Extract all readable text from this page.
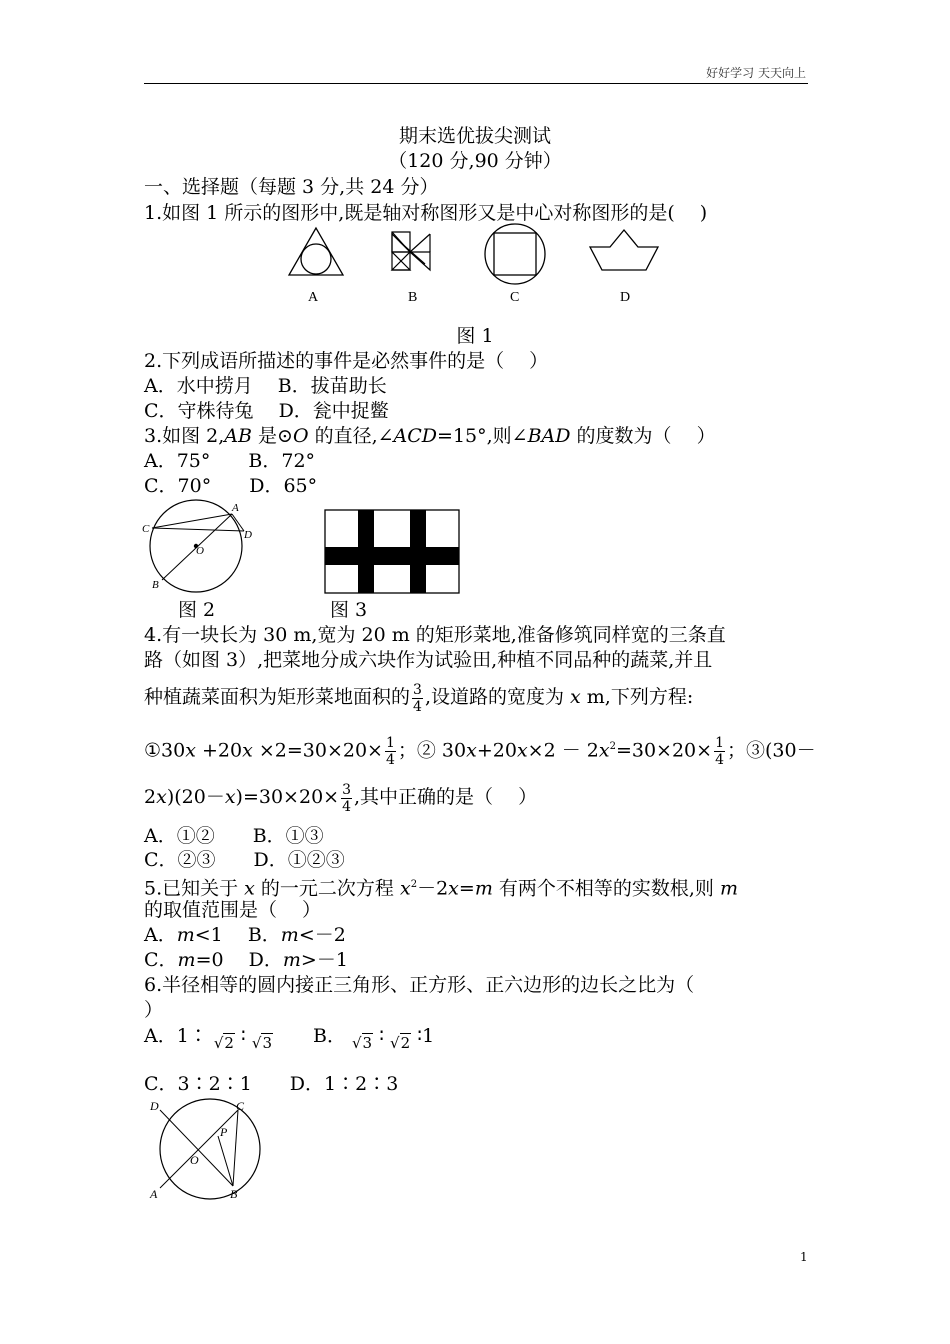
好好学习 天天向上
期末选优拔尖测试
（120 分,90 分钟）
一、选择题（每题 3 分,共 24 分）
1.如图 1 所示的图形中,既是轴对称图形又是中心对称图形的是(　 )
A	B	C	D
图 1
2.下列成语所描述的事件是必然事件的是（　 ）
A．水中捞月　 B．拔苗助长
C．守株待兔　 D．瓮中捉鳖
3.如图 2,AB 是⊙O 的直径,∠ACD=15°,则∠BAD 的度数为（　 ）
A．75°　　B．72°
C．70°　　D．65°
A
C	D
O
B
图 2	图 3
4.有一块长为 30 m,宽为 20 m 的矩形菜地,准备修筑同样宽的三条直
路（如图 3）,把菜地分成六块作为试验田,种植不同品种的蔬菜,并且
种植蔬菜面积为矩形菜地面积的 $\frac{3}{4}$ ,设道路的宽度为 x m,下列方程:
①30x $+20x \times 2=30\times 20\times \frac{1}{4}$ ；② $30x+20x\times 2 - 2x^2=30\times 20\times \frac{1}{4}$ ；③(30－
$2x)(20-x)=30\times 20\times \frac{3}{4}$ ,其中正确的是（　 ）
A．①②　　B．①③
C．②③　　D．①②③
5.已知关于 x 的一元二次方程 $x^2-2x=m$ 有两个不相等的实数根,则 m
的取值范围是（　 ）
A．m<1　 B．m<－2
C．m=0　 D．m>－1
6.半径相等的圆内接正三角形、正方形、正六边形的边长之比为（
）
A．1∶ √2 ∶ √3 B． √3 ∶ √2 ∶1
C．3∶2∶1　　D．1∶2∶3
D	C
P
O
A	B
1
